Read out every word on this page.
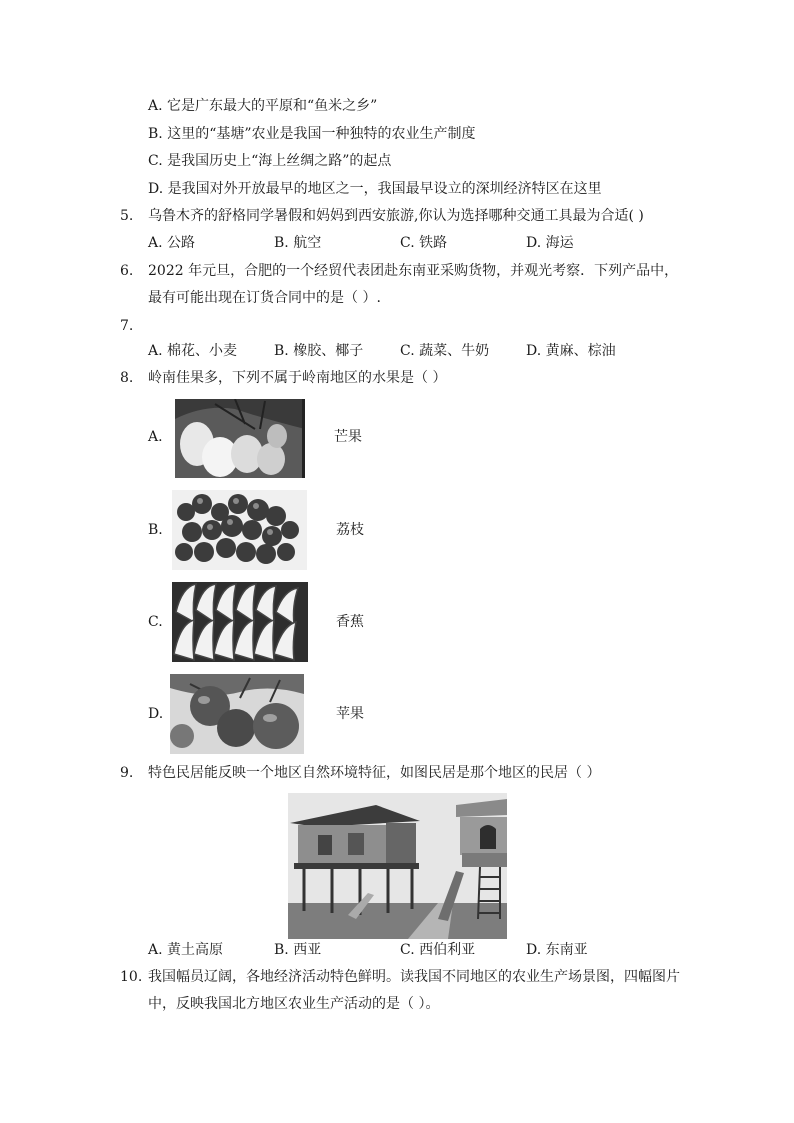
A. 它是广东最大的平原和“鱼米之乡”
B. 这里的“基塘”农业是我国一种独特的农业生产制度
C. 是我国历史上“海上丝绸之路”的起点
D. 是我国对外开放最早的地区之一，我国最早设立的深圳经济特区在这里
5. 乌鲁木齐的舒格同学暑假和妈妈到西安旅游,你认为选择哪种交通工具最为合适( )
A. 公路	B. 航空	C. 铁路	D. 海运
6. 2022 年元旦，合肥的一个经贸代表团赴东南亚采购货物，并观光考察．下列产品中，
最有可能出现在订货合同中的是（ ）.
7.
A. 棉花、小麦	B. 橡胶、椰子	C. 蔬菜、牛奶	D. 黄麻、棕油
8. 岭南佳果多，下列不属于岭南地区的水果是（ ）
A.	芒果
B.	荔枝
C.	香蕉
D.	苹果
9. 特色民居能反映一个地区自然环境特征，如图民居是那个地区的民居（ ）
A. 黄土高原	B. 西亚	C. 西伯利亚	D. 东南亚
10. 我国幅员辽阔，各地经济活动特色鲜明。读我国不同地区的农业生产场景图，四幅图片
中，反映我国北方地区农业生产活动的是（ ）。
